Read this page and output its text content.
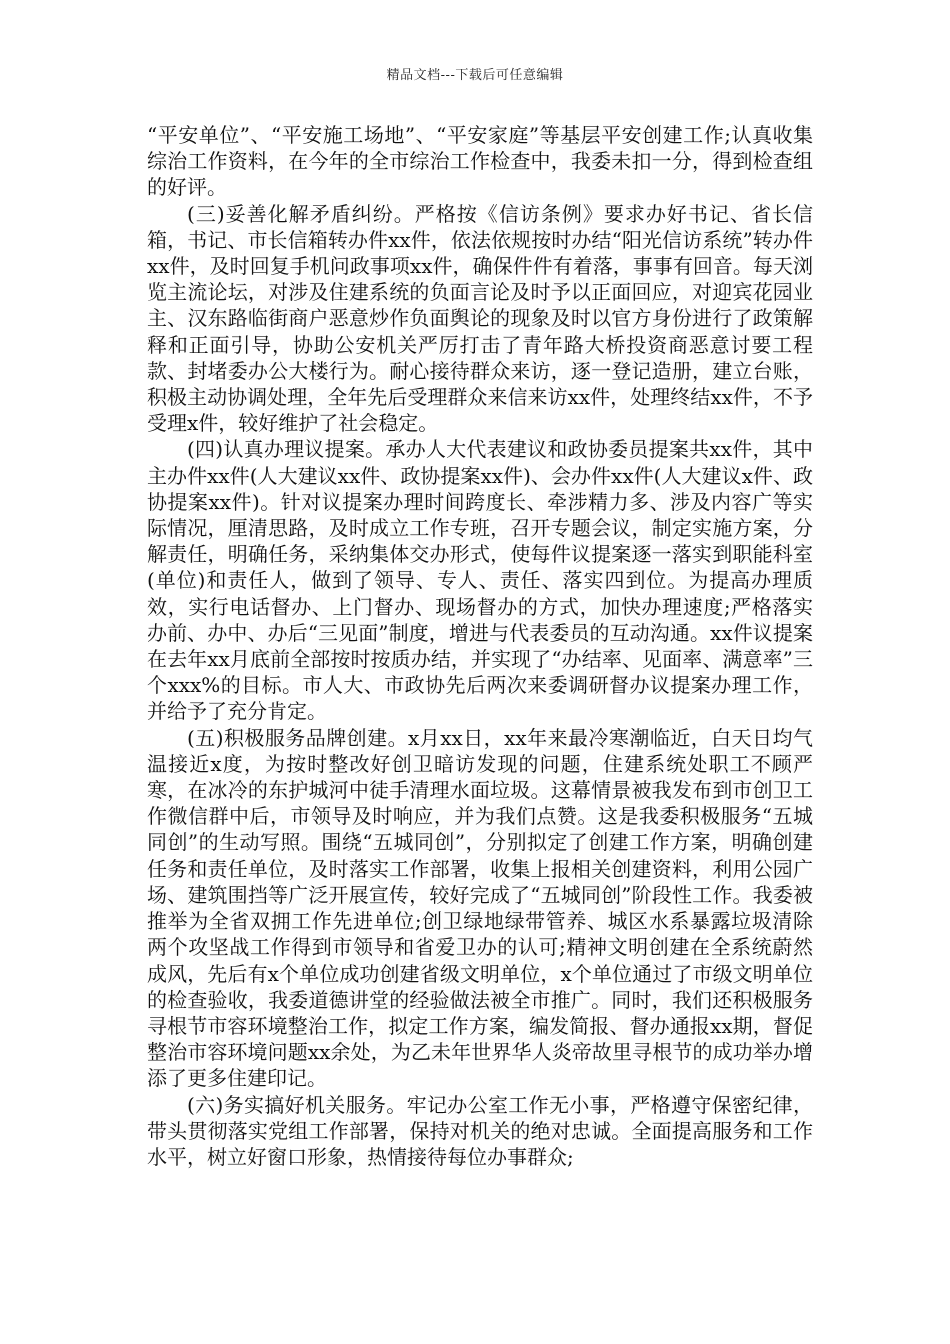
精品文档---下载后可任意编辑

“平安单位”、“平安施工场地”、“平安家庭”等基层平安创建工作;认真收集综治工作资料，在今年的全市综治工作检查中，我委未扣一分，得到检查组的好评。

(三)妥善化解矛盾纠纷。严格按《信访条例》要求办好书记、省长信箱，书记、市长信箱转办件xx件，依法依规按时办结“阳光信访系统”转办件xx件，及时回复手机问政事项xx件，确保件件有着落，事事有回音。每天浏览主流论坛，对涉及住建系统的负面言论及时予以正面回应，对迎宾花园业主、汉东路临街商户恶意炒作负面舆论的现象及时以官方身份进行了政策解释和正面引导，协助公安机关严厉打击了青年路大桥投资商恶意讨要工程款、封堵委办公大楼行为。耐心接待群众来访，逐一登记造册，建立台账，积极主动协调处理，全年先后受理群众来信来访xx件，处理终结xx件，不予受理x件，较好维护了社会稳定。

(四)认真办理议提案。承办人大代表建议和政协委员提案共xx件，其中主办件xx件(人大建议xx件、政协提案xx件)、会办件xx件(人大建议x件、政协提案xx件)。针对议提案办理时间跨度长、牵涉精力多、涉及内容广等实际情况，厘清思路，及时成立工作专班，召开专题会议，制定实施方案，分解责任，明确任务，采纳集体交办形式，使每件议提案逐一落实到职能科室(单位)和责任人，做到了领导、专人、责任、落实四到位。为提高办理质效，实行电话督办、上门督办、现场督办的方式，加快办理速度;严格落实办前、办中、办后“三见面”制度，增进与代表委员的互动沟通。xx件议提案在去年xx月底前全部按时按质办结，并实现了“办结率、见面率、满意率”三个xxx%的目标。市人大、市政协先后两次来委调研督办议提案办理工作，并给予了充分肯定。

(五)积极服务品牌创建。x月xx日，xx年来最冷寒潮临近，白天日均气温接近x度，为按时整改好创卫暗访发现的问题，住建系统处职工不顾严寒，在冰冷的东护城河中徒手清理水面垃圾。这幕情景被我发布到市创卫工作微信群中后，市领导及时响应，并为我们点赞。这是我委积极服务“五城同创”的生动写照。围绕“五城同创”，分别拟定了创建工作方案，明确创建任务和责任单位，及时落实工作部署，收集上报相关创建资料，利用公园广场、建筑围挡等广泛开展宣传，较好完成了“五城同创”阶段性工作。我委被推举为全省双拥工作先进单位;创卫绿地绿带管养、城区水系暴露垃圾清除两个攻坚战工作得到市领导和省爱卫办的认可;精神文明创建在全系统蔚然成风，先后有x个单位成功创建省级文明单位，x个单位通过了市级文明单位的检查验收，我委道德讲堂的经验做法被全市推广。同时，我们还积极服务寻根节市容环境整治工作，拟定工作方案，编发简报、督办通报xx期，督促整治市容环境问题xx余处，为乙未年世界华人炎帝故里寻根节的成功举办增添了更多住建印记。

(六)务实搞好机关服务。牢记办公室工作无小事，严格遵守保密纪律，带头贯彻落实党组工作部署，保持对机关的绝对忠诚。全面提高服务和工作水平，树立好窗口形象，热情接待每位办事群众;
